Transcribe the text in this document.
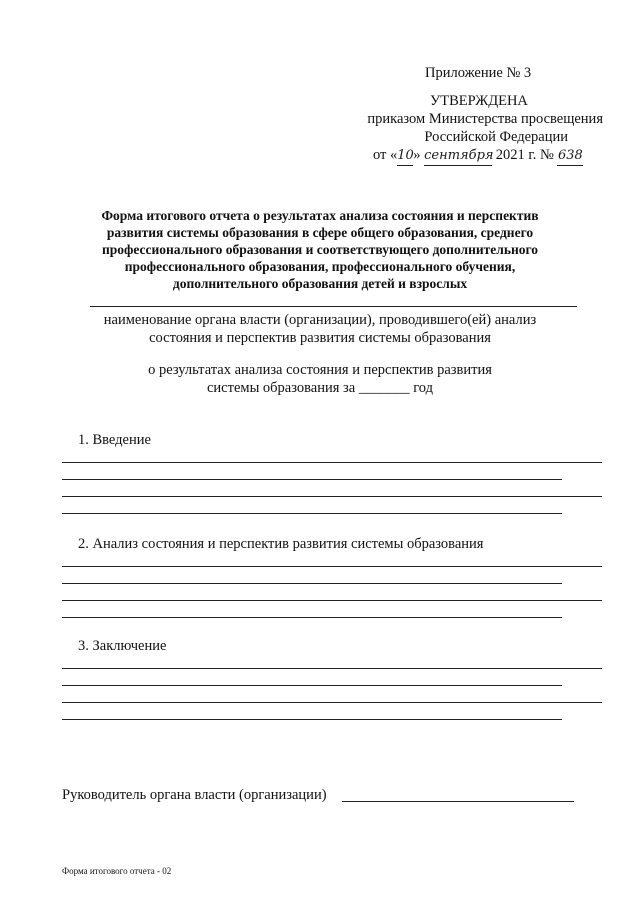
Приложение № 3
УТВЕРЖДЕНА
приказом Министерства просвещения
Российской Федерации
от «10» сентября 2021 г. № 638
Форма итогового отчета о результатах анализа состояния и перспектив
развития системы образования в сфере общего образования, среднего
профессионального образования и соответствующего дополнительного
профессионального образования, профессионального обучения,
дополнительного образования детей и взрослых
наименование органа власти (организации), проводившего(ей) анализ
состояния и перспектив развития системы образования
о результатах анализа состояния и перспектив развития
системы образования за _______ год
1. Введение
2. Анализ состояния и перспектив развития системы образования
3. Заключение
Руководитель органа власти (организации)
Форма итогового отчета - 02
